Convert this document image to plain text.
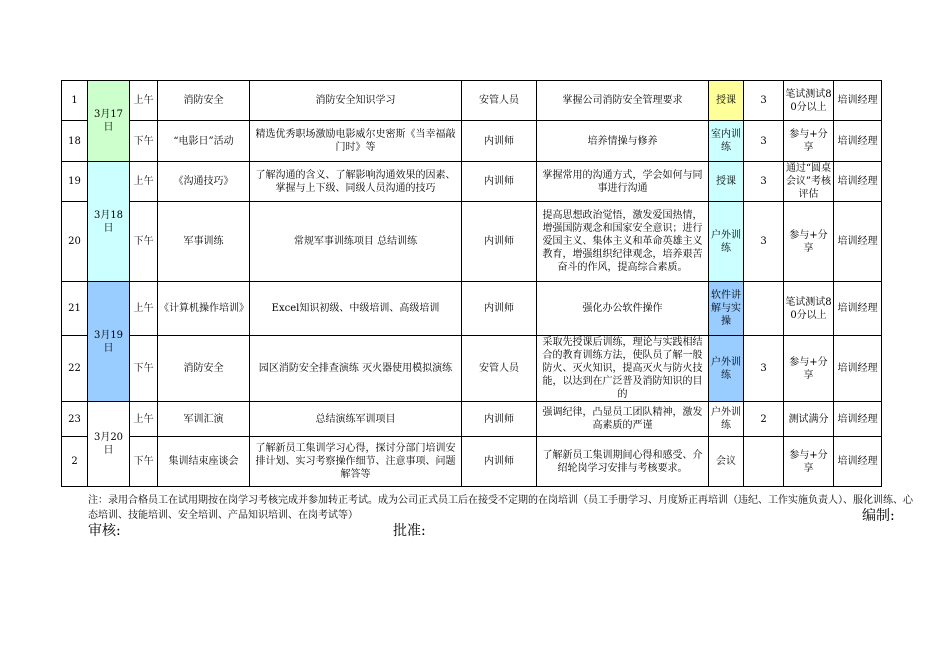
1	3月17日	上午	消防安全	消防安全知识学习	安管人员	掌握公司消防安全管理要求	授课	3	笔试测试80分以上	培训经理
18		下午	“电影日”活动	精选优秀职场激励电影威尔史密斯《当幸福敲门时》等	内训师	培养情操与修养	室内训练	3	参与+分享	培训经理
19	3月18日	上午	《沟通技巧》	了解沟通的含义、了解影响沟通效果的因素、掌握与上下级、同级人员沟通的技巧	内训师	掌握常用的沟通方式，学会如何与同事进行沟通	授课	3	通过“圆桌会议”考核评估	培训经理
20		下午	军事训练	常规军事训练项目 总结训练	内训师	提高思想政治觉悟，激发爱国热情，增强国防观念和国家安全意识；进行爱国主义、集体主义和革命英雄主义教育，增强组织纪律观念，培养艰苦奋斗的作风，提高综合素质。	户外训练	3	参与+分享	培训经理
21	3月19日	上午	《计算机操作培训》	Excel知识初级、中级培训、高级培训	内训师	强化办公软件操作	软件讲解与实操		笔试测试80分以上	培训经理
22		下午	消防安全	园区消防安全排查演练 灭火器使用模拟演练	安管人员	采取先授课后训练，理论与实践相结合的教育训练方法，使队员了解一般防火、灭火知识，提高灭火与防火技能，以达到在广泛普及消防知识的目的	户外训练	3	参与+分享	培训经理
23	3月20日	上午	军训汇演	总结演练军训项目	内训师	强调纪律，凸显员工团队精神，激发高素质的严谨	户外训练	2	测试满分	培训经理
2		下午	集训结束座谈会	了解新员工集训学习心得，探讨分部门培训安排计划、实习考察操作细节、注意事项、问题解答等	内训师	了解新员工集训期间心得和感受、介绍轮岗学习安排与考核要求。	会议		参与+分享	培训经理
注：录用合格员工在试用期按在岗学习考核完成并参加转正考试。成为公司正式员工后在接受不定期的在岗培训（员工手册学习、月度矫正再培训（违纪、工作实施负责人）、服化训练、心态培训、技能培训、安全培训、产品知识培训、在岗考试等）	编制:
审核:	批准:
